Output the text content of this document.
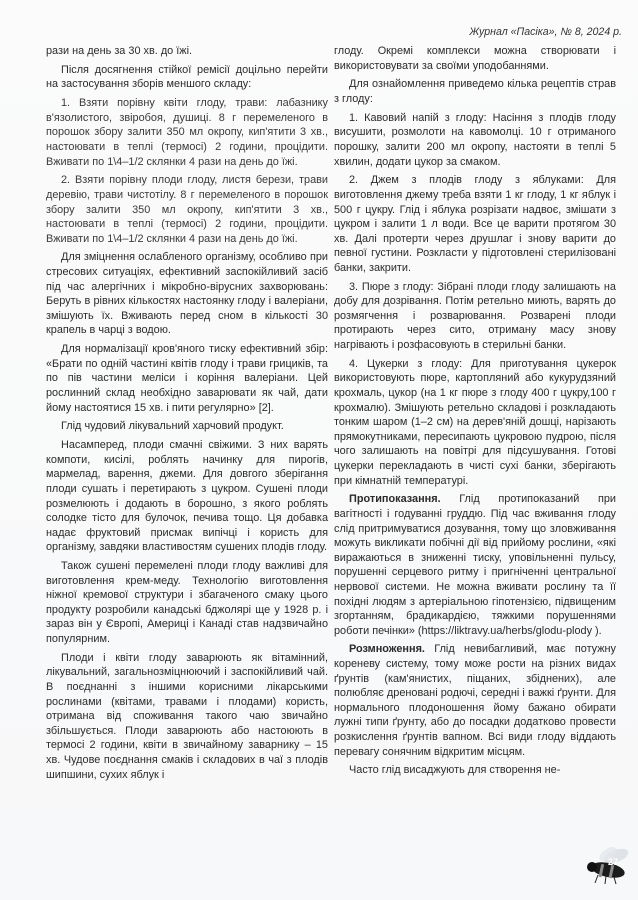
Журнал «Пасіка», № 8, 2024 р.

рази на день за 30 хв. до їжі.

Після досягнення стійкої ремісії доцільно перейти на застосування зборів меншого складу:

1. Взяти порівну квіти глоду, трави: лабазнику в'язолистого, звіробоя, душиці. 8 г перемеленого в порошок збору залити 350 мл окропу, кип'ятити 3 хв., настоювати в теплі (термосі) 2 години, процідити. Вживати по 1\4–1/2 склянки 4 рази на день до їжі.

2. Взяти порівну плоди глоду, листя берези, трави деревію, трави чистотілу. 8 г перемеленого в порошок збору залити 350 мл окропу, кип'ятити 3 хв., настоювати в теплі (термосі) 2 години, процідити. Вживати по 1\4–1/2 склянки 4 рази на день до їжі.

Для зміцнення ослабленого організму, особливо при стресових ситуаціях, ефективний заспокійливий засіб під час алергічних і мікробно-вірусних захворювань: Беруть в рівних кількостях настоянку глоду і валеріани, змішують їх. Вживають перед сном в кількості 30 крапель в чарці з водою.

Для нормалізації кров'яного тиску ефективний збір: «Брати по одній частині квітів глоду і трави грициків, та по пів частини меліси і коріння валеріани. Цей рослинний склад необхідно заварювати як чай, дати йому настоятися 15 хв. і пити регулярно» [2].

Глід чудовий лікувальний харчовий продукт.

Насамперед, плоди смачні свіжими. З них варять компоти, кисілі, роблять начинку для пирогів, мармелад, варення, джеми. Для довгого зберігання плоди сушать і перетирають з цукром. Сушені плоди розмелюють і додають в борошно, з якого роблять солодке тісто для булочок, печива тощо. Ця добавка надає фруктовий присмак випічці і користь для організму, завдяки властивостям сушених плодів глоду.

Також сушені перемелені плоди глоду важливі для виготовлення крем-меду. Технологію виготовлення ніжної кремової структури і збагаченого смаку цього продукту розробили канадські бджолярі ще у 1928 р. і зараз він у Європі, Америці і Канаді став надзвичайно популярним.

Плоди і квіти глоду заварюють як вітамінний, лікувальний, загальнозміцнюючий і заспокійливий чай. В поєднанні з іншими корисними лікарськими рослинами (квітами, травами і плодами) користь, отримана від споживання такого чаю звичайно збільшується. Плоди заварюють або настоюють в термосі 2 години, квіти в звичайному заварнику – 15 хв. Чудове поєднання смаків і складових в чаї з плодів шипшини, сухих яблук і

глоду. Окремі комплекси можна створювати і використовувати за своїми уподобаннями.

Для ознайомлення приведемо кілька рецептів страв з глоду:

1. Кавовий напій з глоду: Насіння з плодів глоду висушити, розмолоти на кавомолці. 10 г отриманого порошку, залити 200 мл окропу, настояти в теплі 5 хвилин, додати цукор за смаком.

2. Джем з плодів глоду з яблуками: Для виготовлення джему треба взяти 1 кг глоду, 1 кг яблук і 500 г цукру. Глід і яблука розрізати надвоє, змішати з цукром і залити 1 л води. Все це варити протягом 30 хв. Далі протерти через друшлаг і знову варити до певної густини. Розкласти у підготовлені стерилізовані банки, закрити.

3. Пюре з глоду: Зібрані плоди глоду залишають на добу для дозрівання. Потім ретельно миють, варять до розмягчення і розварювання. Розварені плоди протирають через сито, отриману масу знову нагрівають і розфасовують в стерильні банки.

4. Цукерки з глоду: Для приготування цукерок використовують пюре, картопляний або кукурудзяний крохмаль, цукор (на 1 кг пюре з глоду 400 г цукру,100 г крохмалю). Змішують ретельно складові і розкладають тонким шаром (1–2 см) на дерев'яній дошці, нарізають прямокутниками, пересипають цукровою пудрою, після чого залишають на повітрі для підсушування. Готові цукерки перекладають в чисті сухі банки, зберігають при кімнатній температурі.

Протипоказання. Глід протипоказаний при вагітності і годуванні груддю. Під час вживання глоду слід притримуватися дозування, тому що зловживання можуть викликати побічні дії від прийому рослини, «які виражаються в зниженні тиску, уповільненні пульсу, порушенні серцевого ритму і пригніченні центральної нервової системи. Не можна вживати рослину та її похідні людям з артеріальною гіпотензією, підвищеним згортанням, брадикардією, тяжкими порушеннями роботи печінки» (https://liktravy.ua/herbs/glodu-plody ).

Розмноження. Глід невибагливий, має потужну кореневу систему, тому може рости на різних видах ґрунтів (кам'янистих, піщаних, збіднених), але полюбляє дреновані родючі, середні і важкі ґрунти. Для нормального плодоношення йому бажано обирати лужні типи ґрунту, або до посадки додатково провести розкислення ґрунтів вапном. Всі види глоду віддають перевагу сонячним відкритим місцям.

Часто глід висаджують для створення не-

27
